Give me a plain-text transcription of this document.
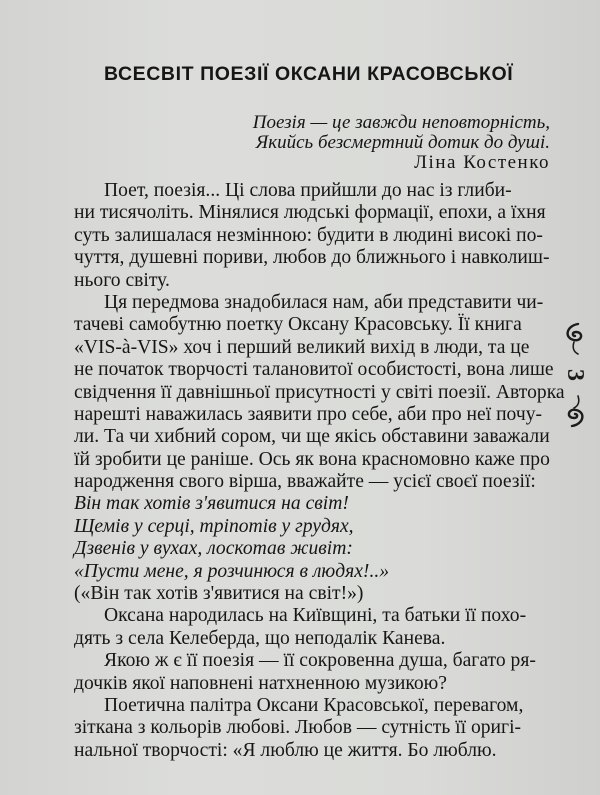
ВСЕСВІТ ПОЕЗІЇ ОКСАНИ КРАСОВСЬКОЇ
Поезія — це завжди неповторність,
Якийсь безсмертний дотик до душі.
Ліна Костенко
Поет, поезія... Ці слова прийшли до нас із глиби-
ни тисячоліть. Мінялися людські формації, епохи, а їхня
суть залишалася незмінною: будити в людині високі по-
чуття, душевні пориви, любов до ближнього і навколиш-
нього світу.
Ця передмова знадобилася нам, аби представити чи-
тачеві самобутню поетку Оксану Красовську. Її книга
«VIS-à-VIS» хоч і перший великий вихід в люди, та це
не початок творчості талановитої особистості, вона лише
свідчення її давнішньої присутності у світі поезії. Авторка
нарешті наважилась заявити про себе, аби про неї почу-
ли. Та чи хибний сором, чи ще якісь обставини заважали
їй зробити це раніше. Ось як вона красномовно каже про
народження свого вірша, вважайте — усієї своєї поезії:
Він так хотів з'явитися на світ!
Щемів у серці, тріпотів у грудях,
Дзвенів у вухах, лоскотав живіт:
«Пусти мене, я розчинюся в людях!..»
(«Він так хотів з'явитися на світ!»)
Оксана народилась на Київщині, та батьки її похо-
дять з села Келеберда, що неподалік Канева.
Якою ж є її поезія — її сокровенна душа, багато ря-
дочків якої наповнені натхненною музикою?
Поетична палітра Оксани Красовської, перевагом,
зіткана з кольорів любові. Любов — сутність її оригі-
нальної творчості: «Я люблю це життя. Бо люблю.
3
